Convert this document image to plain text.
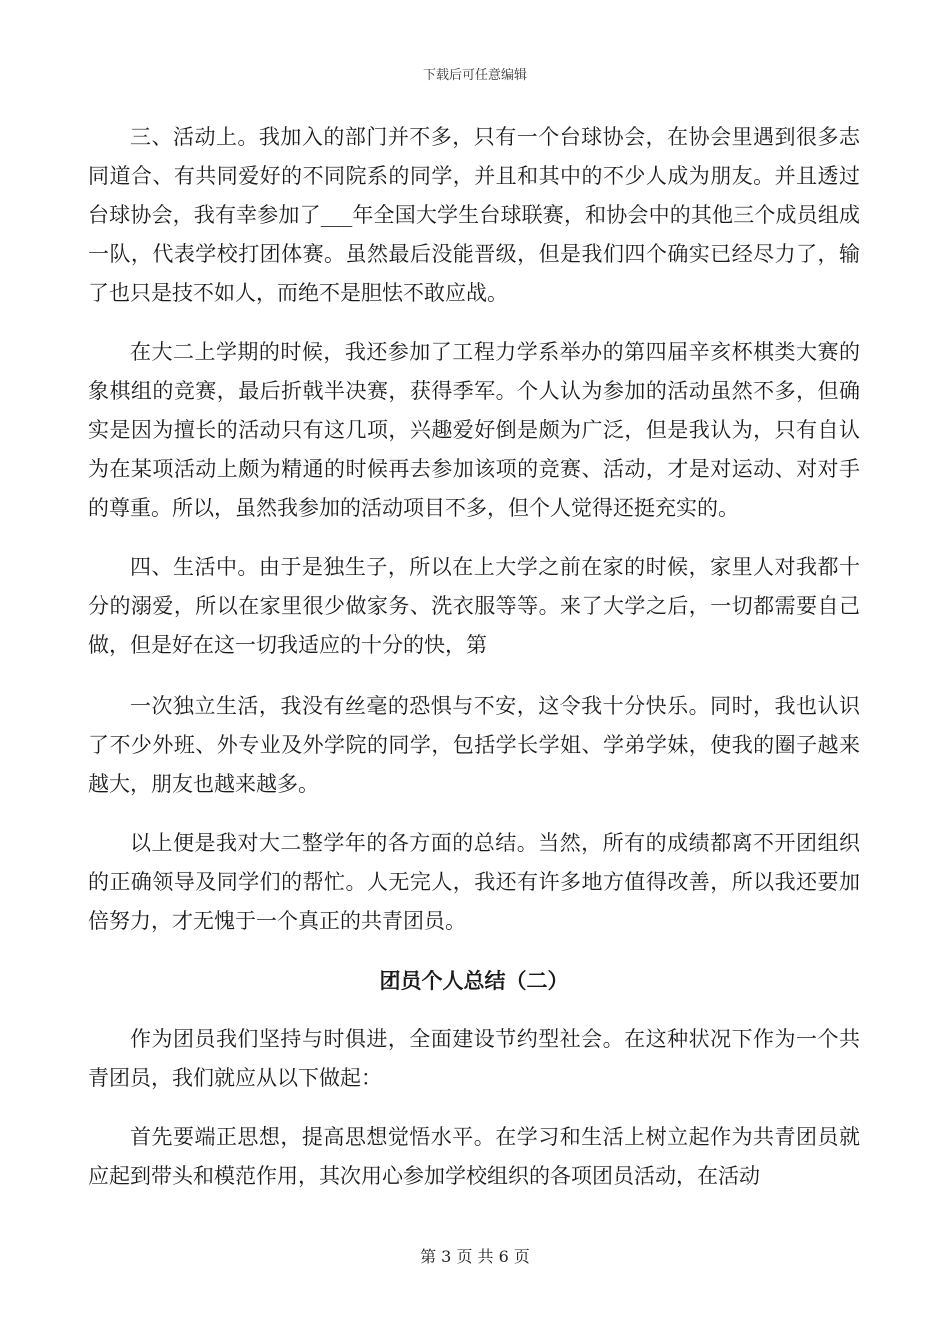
下载后可任意编辑

三、活动上。我加入的部门并不多，只有一个台球协会，在协会里遇到很多志同道合、有共同爱好的不同院系的同学，并且和其中的不少人成为朋友。并且透过台球协会，我有幸参加了___年全国大学生台球联赛，和协会中的其他三个成员组成一队，代表学校打团体赛。虽然最后没能晋级，但是我们四个确实已经尽力了，输了也只是技不如人，而绝不是胆怯不敢应战。

在大二上学期的时候，我还参加了工程力学系举办的第四届辛亥杯棋类大赛的象棋组的竞赛，最后折戟半决赛，获得季军。个人认为参加的活动虽然不多，但确实是因为擅长的活动只有这几项，兴趣爱好倒是颇为广泛，但是我认为，只有自认为在某项活动上颇为精通的时候再去参加该项的竞赛、活动，才是对运动、对对手的尊重。所以，虽然我参加的活动项目不多，但个人觉得还挺充实的。

四、生活中。由于是独生子，所以在上大学之前在家的时候，家里人对我都十分的溺爱，所以在家里很少做家务、洗衣服等等。来了大学之后，一切都需要自己做，但是好在这一切我适应的十分的快，第

一次独立生活，我没有丝毫的恐惧与不安，这令我十分快乐。同时，我也认识了不少外班、外专业及外学院的同学，包括学长学姐、学弟学妹，使我的圈子越来越大，朋友也越来越多。

以上便是我对大二整学年的各方面的总结。当然，所有的成绩都离不开团组织的正确领导及同学们的帮忙。人无完人，我还有许多地方值得改善，所以我还要加倍努力，才无愧于一个真正的共青团员。

团员个人总结（二）

作为团员我们坚持与时俱进，全面建设节约型社会。在这种状况下作为一个共青团员，我们就应从以下做起：

首先要端正思想，提高思想觉悟水平。在学习和生活上树立起作为共青团员就应起到带头和模范作用，其次用心参加学校组织的各项团员活动，在活动

第 3 页 共 6 页
